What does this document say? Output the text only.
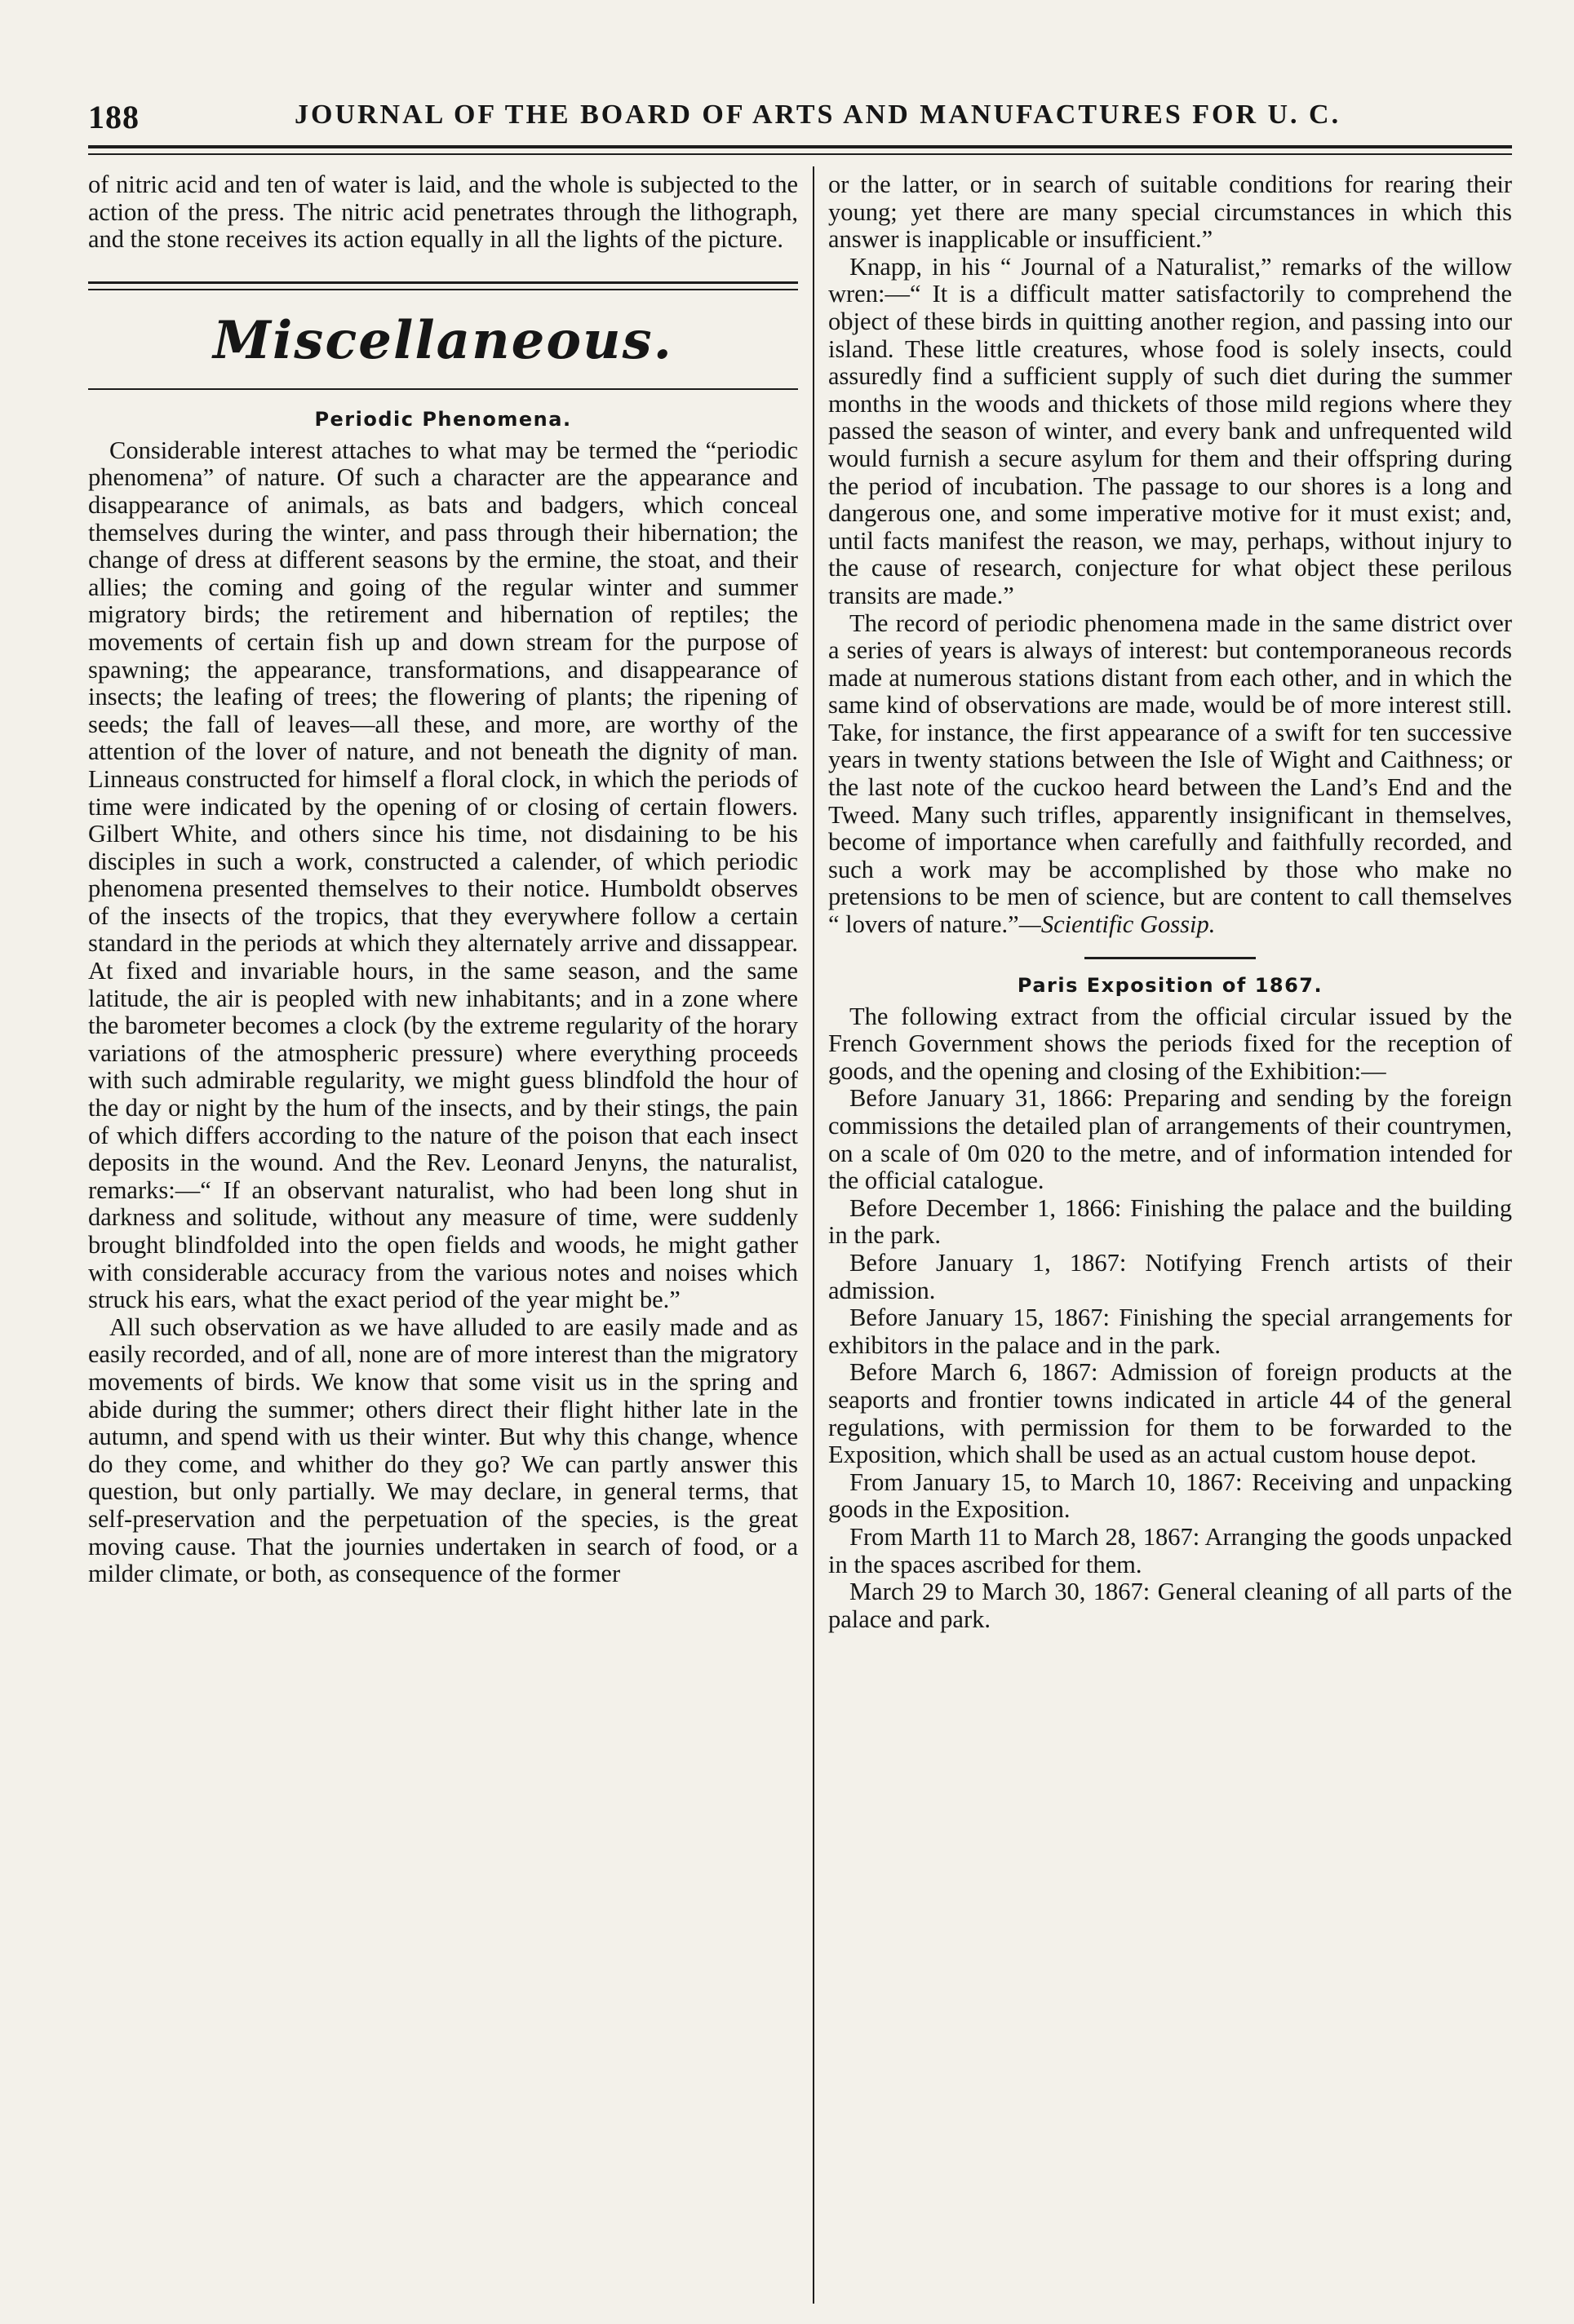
188	JOURNAL OF THE BOARD OF ARTS AND MANUFACTURES FOR U. C.

of nitric acid and ten of water is laid, and the whole is subjected to the action of the press. The nitric acid penetrates through the lithograph, and the stone receives its action equally in all the lights of the picture.

Miscellaneous.
Periodic Phenomena.

Considerable interest attaches to what may be termed the “periodic phenomena” of nature. Of such a character are the appearance and disappearance of animals, as bats and badgers, which conceal themselves during the winter, and pass through their hibernation; the change of dress at different seasons by the ermine, the stoat, and their allies; the coming and going of the regular winter and summer migratory birds; the retirement and hibernation of reptiles; the movements of certain fish up and down stream for the purpose of spawning; the appearance, transformations, and disappearance of insects; the leafing of trees; the flowering of plants; the ripening of seeds; the fall of leaves—all these, and more, are worthy of the attention of the lover of nature, and not beneath the dignity of man. Linneaus constructed for himself a floral clock, in which the periods of time were indicated by the opening of or closing of certain flowers. Gilbert White, and others since his time, not disdaining to be his disciples in such a work, constructed a calender, of which periodic phenomena presented themselves to their notice. Humboldt observes of the insects of the tropics, that they everywhere follow a certain standard in the periods at which they alternately arrive and dissappear. At fixed and invariable hours, in the same season, and the same latitude, the air is peopled with new inhabitants; and in a zone where the barometer becomes a clock (by the extreme regularity of the horary variations of the atmospheric pressure) where everything proceeds with such admirable regularity, we might guess blindfold the hour of the day or night by the hum of the insects, and by their stings, the pain of which differs according to the nature of the poison that each insect deposits in the wound. And the Rev. Leonard Jenyns, the naturalist, remarks:—“ If an observant naturalist, who had been long shut in darkness and solitude, without any measure of time, were suddenly brought blindfolded into the open fields and woods, he might gather with considerable accuracy from the various notes and noises which struck his ears, what the exact period of the year might be.”

All such observation as we have alluded to are easily made and as easily recorded, and of all, none are of more interest than the migratory movements of birds. We know that some visit us in the spring and abide during the summer; others direct their flight hither late in the autumn, and spend with us their winter. But why this change, whence do they come, and whither do they go? We can partly answer this question, but only partially. We may declare, in general terms, that self-preservation and the perpetuation of the species, is the great moving cause. That the journies undertaken in search of food, or a milder climate, or both, as consequence of the former

or the latter, or in search of suitable conditions for rearing their young; yet there are many special circumstances in which this answer is inapplicable or insufficient.”

Knapp, in his “ Journal of a Naturalist,” remarks of the willow wren:—“ It is a difficult matter satisfactorily to comprehend the object of these birds in quitting another region, and passing into our island. These little creatures, whose food is solely insects, could assuredly find a sufficient supply of such diet during the summer months in the woods and thickets of those mild regions where they passed the season of winter, and every bank and unfrequented wild would furnish a secure asylum for them and their offspring during the period of incubation. The passage to our shores is a long and dangerous one, and some imperative motive for it must exist; and, until facts manifest the reason, we may, perhaps, without injury to the cause of research, conjecture for what object these perilous transits are made.”

The record of periodic phenomena made in the same district over a series of years is always of interest: but contemporaneous records made at numerous stations distant from each other, and in which the same kind of observations are made, would be of more interest still. Take, for instance, the first appearance of a swift for ten successive years in twenty stations between the Isle of Wight and Caithness; or the last note of the cuckoo heard between the Land’s End and the Tweed. Many such trifles, apparently insignificant in themselves, become of importance when carefully and faithfully recorded, and such a work may be accomplished by those who make no pretensions to be men of science, but are content to call themselves “ lovers of nature.”—Scientific Gossip.

Paris Exposition of 1867.

The following extract from the official circular issued by the French Government shows the periods fixed for the reception of goods, and the opening and closing of the Exhibition:—

Before January 31, 1866: Preparing and sending by the foreign commissions the detailed plan of arrangements of their countrymen, on a scale of 0m 020 to the metre, and of information intended for the official catalogue.

Before December 1, 1866: Finishing the palace and the building in the park.

Before January 1, 1867: Notifying French artists of their admission.

Before January 15, 1867: Finishing the special arrangements for exhibitors in the palace and in the park.

Before March 6, 1867: Admission of foreign products at the seaports and frontier towns indicated in article 44 of the general regulations, with permission for them to be forwarded to the Exposition, which shall be used as an actual custom house depot.

From January 15, to March 10, 1867: Receiving and unpacking goods in the Exposition.

From Marth 11 to March 28, 1867: Arranging the goods unpacked in the spaces ascribed for them.

March 29 to March 30, 1867: General cleaning of all parts of the palace and park.
